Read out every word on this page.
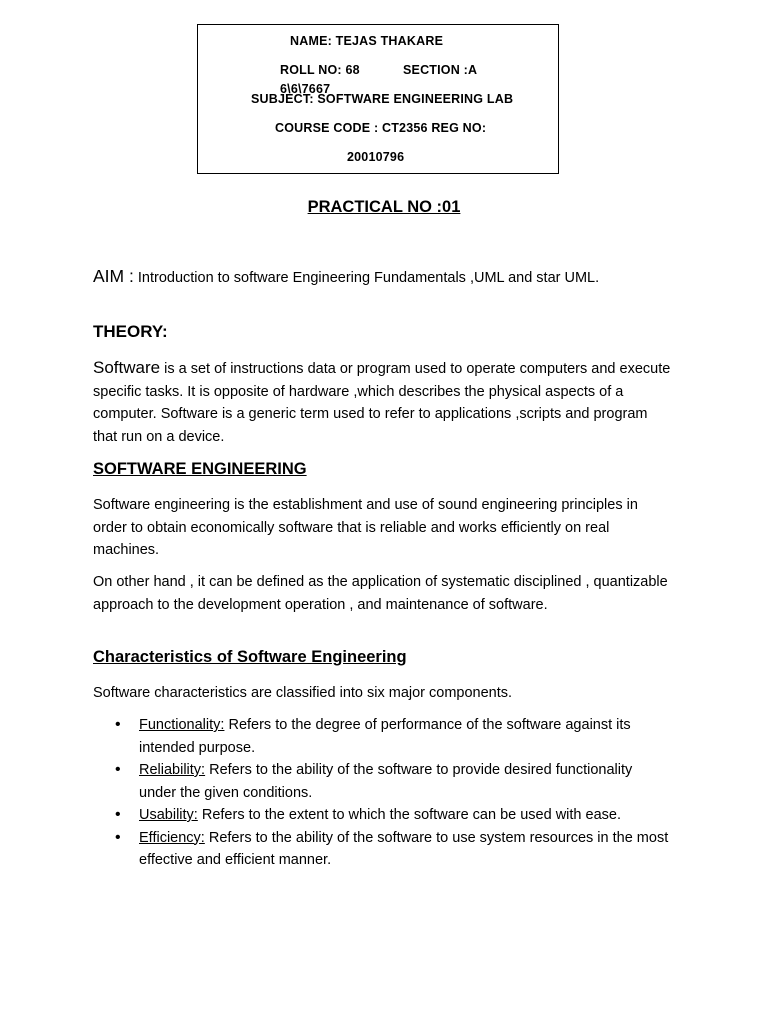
NAME: TEJAS THAKARE
ROLL NO: 68	SECTION :A
6\6\7667
SUBJECT: SOFTWARE ENGINEERING LAB
COURSE CODE : CT2356 REG NO:
20010796
PRACTICAL NO :01
AIM : Introduction to software Engineering Fundamentals ,UML and star UML.
THEORY:
Software is a set of instructions data or program used to operate computers and execute specific tasks. It is opposite of hardware ,which describes the physical aspects of a computer. Software is a generic term used to refer to applications ,scripts and program that run on a device.
SOFTWARE ENGINEERING
Software engineering is the establishment and use of sound engineering principles in order to obtain economically software that is reliable and works efficiently on real machines.
On other hand , it can be defined as the application of systematic disciplined , quantizable approach to the development operation , and maintenance of software.
Characteristics of Software Engineering
Software characteristics are classified into six major components.
• Functionality: Refers to the degree of performance of the software against its intended purpose.
• Reliability: Refers to the ability of the software to provide desired functionality under the given conditions.
• Usability: Refers to the extent to which the software can be used with ease.
• Efficiency: Refers to the ability of the software to use system resources in the most effective and efficient manner.
